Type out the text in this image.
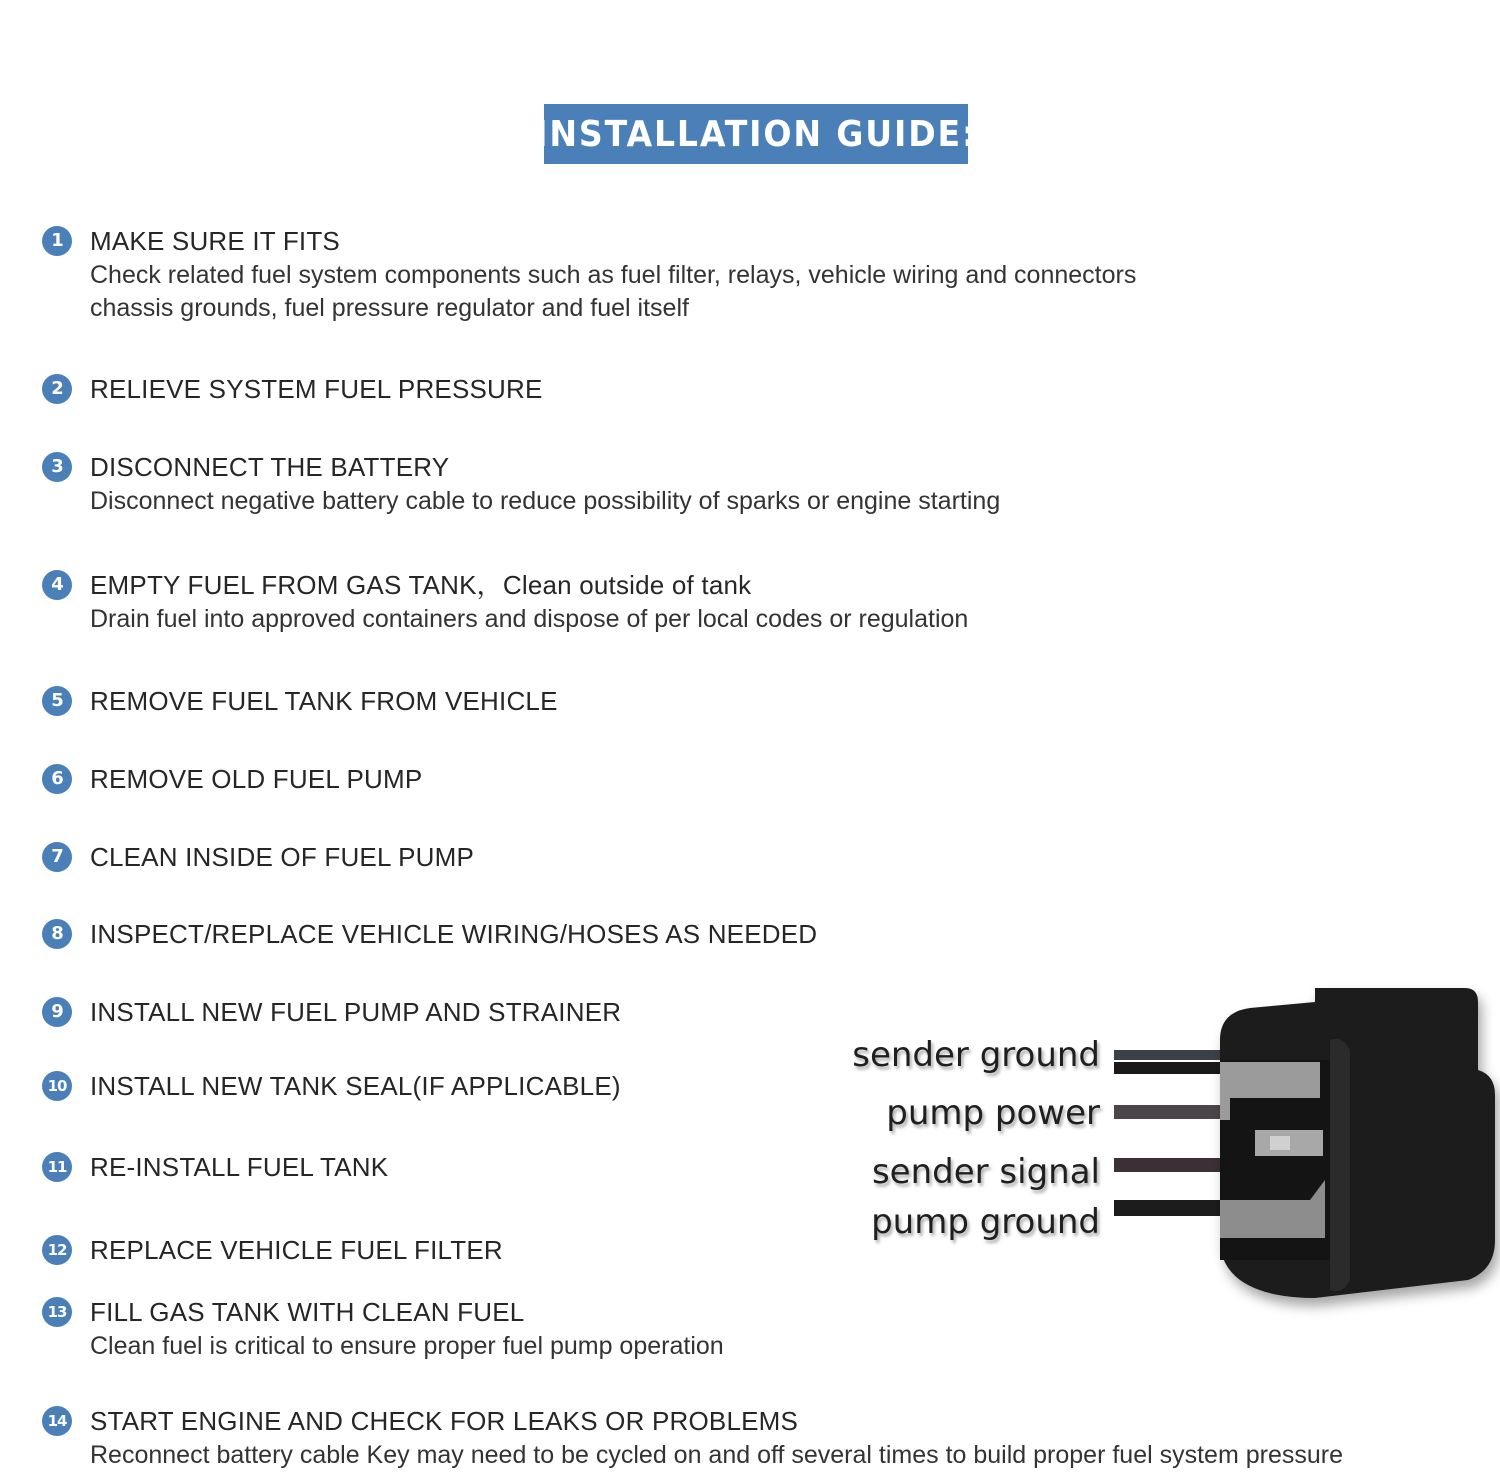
INSTALLATION GUIDE:
1	MAKE SURE IT FITS
Check related fuel system components such as fuel filter, relays, vehicle wiring and connectors
chassis grounds, fuel pressure regulator and fuel itself
2	RELIEVE SYSTEM FUEL PRESSURE
3	DISCONNECT THE BATTERY
Disconnect negative battery cable to reduce possibility of sparks or engine starting
4	EMPTY FUEL FROM GAS TANK，Clean outside of tank
Drain fuel into approved containers and dispose of per local codes or regulation
5	REMOVE FUEL TANK FROM VEHICLE
6	REMOVE OLD FUEL PUMP
7	CLEAN INSIDE OF FUEL PUMP
8	INSPECT/REPLACE VEHICLE WIRING/HOSES AS NEEDED
9	INSTALL NEW FUEL PUMP AND STRAINER
10 INSTALL NEW TANK SEAL(IF APPLICABLE)
11 RE-INSTALL FUEL TANK
12 REPLACE VEHICLE FUEL FILTER
13 FILL GAS TANK WITH CLEAN FUEL
Clean fuel is critical to ensure proper fuel pump operation
14 START ENGINE AND CHECK FOR LEAKS OR PROBLEMS
Reconnect battery cable Key may need to be cycled on and off several times to build proper fuel system pressure
sender ground
pump power
sender signal
pump ground
